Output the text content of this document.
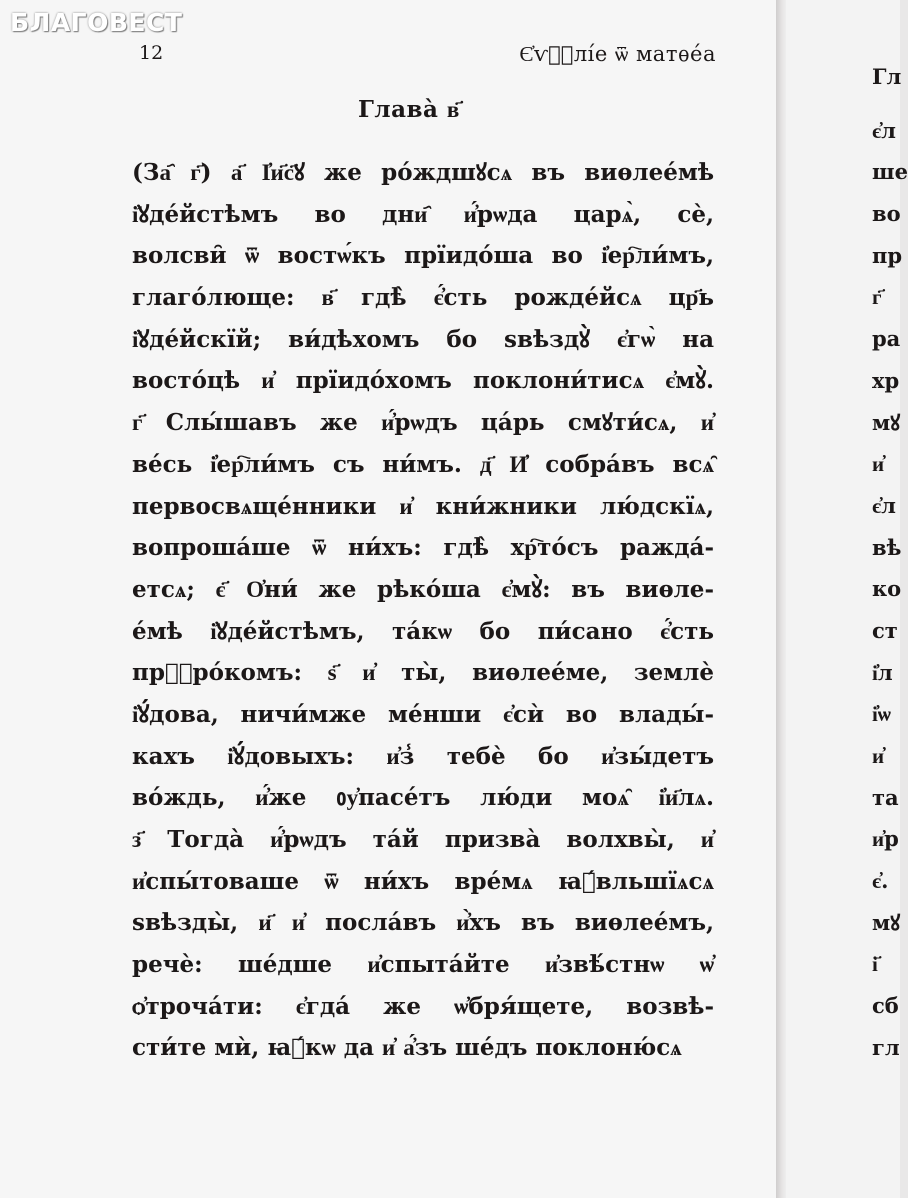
БЛАГОВЕСТ
12	Є҆ѵⷢ҇лі́е ѿ матѳе́а
Глава̀ в҃
(За҄ г҃) а҃ І҆и҃с҃ꙋ же ро́ждшꙋсѧ въ виѳлее́мѣ
і҆ꙋде́йстѣмъ во дни҄ и҆́рѡда царѧ̀, сѐ,
волсви̑ ѿ востѡ́къ прїидо́ша во і҆ер҇ли́мъ,
глаго́люще: в҃ гдѣ̀ є҆́сть рожде́йсѧ цр҃ь
і҆ꙋде́йскїй; ви́дѣхомъ бо ѕвѣздꙋ̀ є҆гѡ̀ на
восто́цѣ и҆ прїидо́хомъ поклони́тисѧ є҆мꙋ̀.
г҃ Слы́шавъ же и҆́рѡдъ ца́рь смꙋти́сѧ, и҆
ве́сь і҆ер҇ли́мъ съ ни́мъ. д҃ И҆ собра́въ всѧ̑
первосвѧще́нники и҆ кни́жники лю́дскїѧ,
вопроша́ше ѿ ни́хъ: гдѣ̀ хр҇то́съ ражда́-
етсѧ; є҃ О҆ни́ же рѣко́ша є҆мꙋ̀: въ виѳле-
е́мѣ і҆ꙋде́йстѣмъ, та́кѡ бо пи́сано є҆́сть
прⷪ҇ро́комъ: ѕ҃ и҆ ты̀, виѳлее́ме, землѐ
і҆ꙋ́дова, ничи́мже ме́нши є҆сѝ во влады́-
кахъ і҆ꙋ́довыхъ: и҆з̾ тебѐ бо и҆зы́детъ
во́ждь, и҆́же ᲂу҆пасе́тъ лю́ди моѧ̑ і҆и҃лѧ.
з҃ Тогда̀ и҆́рѡдъ та́й призва̀ волхвы̀, и҆
и҆спы́товаше ѿ ни́хъ вре́мѧ ꙗ҆́вльшїѧсѧ
ѕвѣзды̀, и҃ и҆ посла́въ и҆̀хъ въ виѳлее́мъ,
речѐ: ше́дше и҆спыта́йте и҆звѣ́стнѡ ѡ҆
ѻ҆троча́ти: є҆гда́ же ѡ҆бря́щете, возвѣ-
сти́те мѝ, ꙗ҆́кѡ да и҆ а҆́зъ ше́дъ поклоню́сѧ
Гл
є҆л
ше
во
пр
г҃
ра
хр
мꙋ
и҆
є҆л
вѣ
ко
ст
і҆л
і҆ѡ
и҆
та
и҆р
є҆.
мꙋ
і҃
сб
гл
